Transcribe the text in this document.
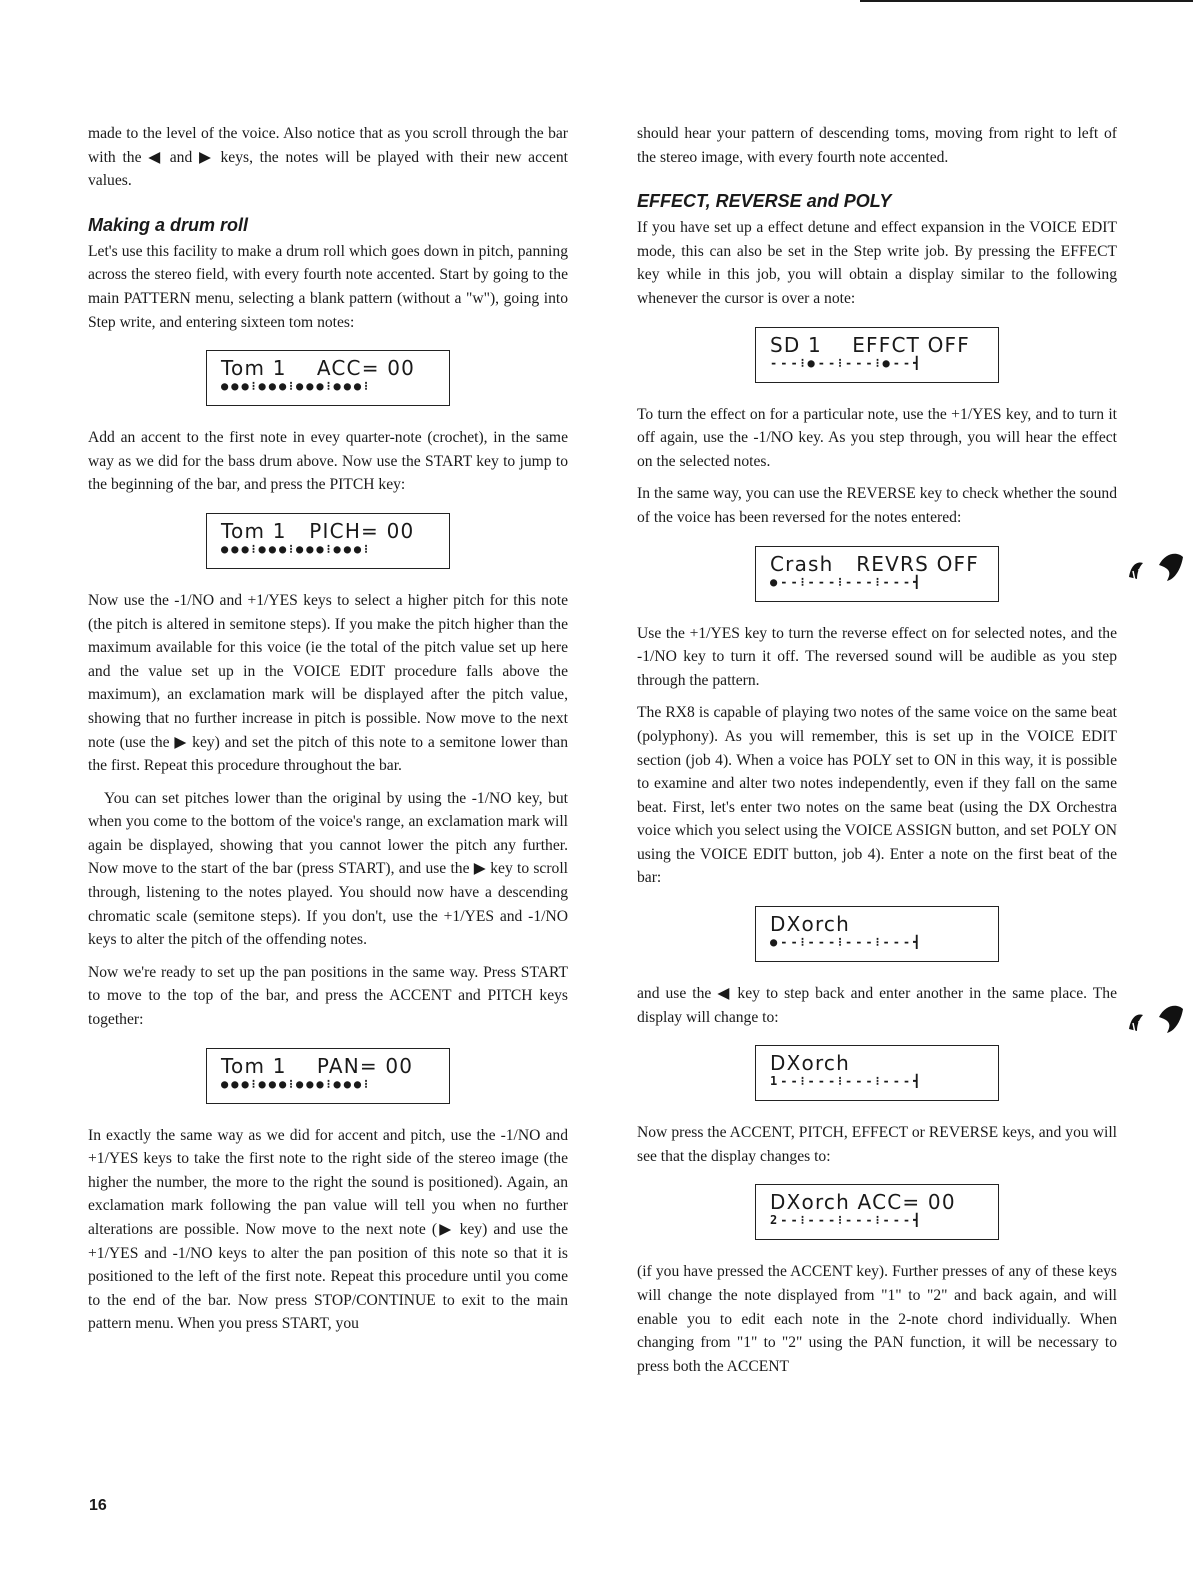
made to the level of the voice. Also notice that as you scroll through the bar with the ◀ and ▶ keys, the notes will be played with their new accent values.

Making a drum roll

Let's use this facility to make a drum roll which goes down in pitch, panning across the stereo field, with every fourth note accented. Start by going to the main PATTERN menu, selecting a blank pattern (without a "w"), going into Step write, and entering sixteen tom notes:

Tom 1    ACC= 00
●●●⁝●●●⁝●●●⁝●●●⁝

Add an accent to the first note in evey quarter-note (crochet), in the same way as we did for the bass drum above. Now use the START key to jump to the beginning of the bar, and press the PITCH key:

Tom 1   PICH= 00
●●●⁝●●●⁝●●●⁝●●●⁝

Now use the -1/NO and +1/YES keys to select a higher pitch for this note (the pitch is altered in semitone steps). If you make the pitch higher than the maximum available for this voice (ie the total of the pitch value set up here and the value set up in the VOICE EDIT procedure falls above the maximum), an exclamation mark will be displayed after the pitch value, showing that no further increase in pitch is possible. Now move to the next note (use the ▶ key) and set the pitch of this note to a semitone lower than the first. Repeat this procedure throughout the bar.

You can set pitches lower than the original by using the -1/NO key, but when you come to the bottom of the voice's range, an exclamation mark will again be displayed, showing that you cannot lower the pitch any further. Now move to the start of the bar (press START), and use the ▶ key to scroll through, listening to the notes played. You should now have a descending chromatic scale (semitone steps). If you don't, use the +1/YES and -1/NO keys to alter the pitch of the offending notes.

Now we're ready to set up the pan positions in the same way. Press START to move to the top of the bar, and press the ACCENT and PITCH keys together:

Tom 1    PAN= 00
●●●⁝●●●⁝●●●⁝●●●⁝

In exactly the same way as we did for accent and pitch, use the -1/NO and +1/YES keys to take the first note to the right side of the stereo image (the higher the number, the more to the right the sound is positioned). Again, an exclamation mark following the pan value will tell you when no further alterations are possible. Now move to the next note (▶ key) and use the +1/YES and -1/NO keys to alter the pan position of this note so that it is positioned to the left of the first note. Repeat this procedure until you come to the end of the bar. Now press STOP/CONTINUE to exit to the main pattern menu. When you press START, you

should hear your pattern of descending toms, moving from right to left of the stereo image, with every fourth note accented.

EFFECT, REVERSE and POLY

If you have set up a effect detune and effect expansion in the VOICE EDIT mode, this can also be set in the Step write job. By pressing the EFFECT key while in this job, you will obtain a display similar to the following whenever the cursor is over a note:

SD 1    EFFCT OFF
---⁝●--⁝---⁝●--┫

To turn the effect on for a particular note, use the +1/YES key, and to turn it off again, use the -1/NO key. As you step through, you will hear the effect on the selected notes.

In the same way, you can use the REVERSE key to check whether the sound of the voice has been reversed for the notes entered:

Crash   REVRS OFF
●--⁝---⁝---⁝---┫

Use the +1/YES key to turn the reverse effect on for selected notes, and the -1/NO key to turn it off. The reversed sound will be audible as you step through the pattern.

The RX8 is capable of playing two notes of the same voice on the same beat (polyphony). As you will remember, this is set up in the VOICE EDIT section (job 4). When a voice has POLY set to ON in this way, it is possible to examine and alter two notes independently, even if they fall on the same beat. First, let's enter two notes on the same beat (using the DX Orchestra voice which you select using the VOICE ASSIGN button, and set POLY ON using the VOICE EDIT button, job 4). Enter a note on the first beat of the bar:

DXorch
●--⁝---⁝---⁝---┫

and use the ◀ key to step back and enter another in the same place. The display will change to:

DXorch
1--⁝---⁝---⁝---┫

Now press the ACCENT, PITCH, EFFECT or REVERSE keys, and you will see that the display changes to:

DXorch ACC= 00
2--⁝---⁝---⁝---┫

(if you have pressed the ACCENT key). Further presses of any of these keys will change the note displayed from "1" to "2" and back again, and will enable you to edit each note in the 2-note chord individually. When changing from "1" to "2" using the PAN function, it will be necessary to press both the ACCENT

16
